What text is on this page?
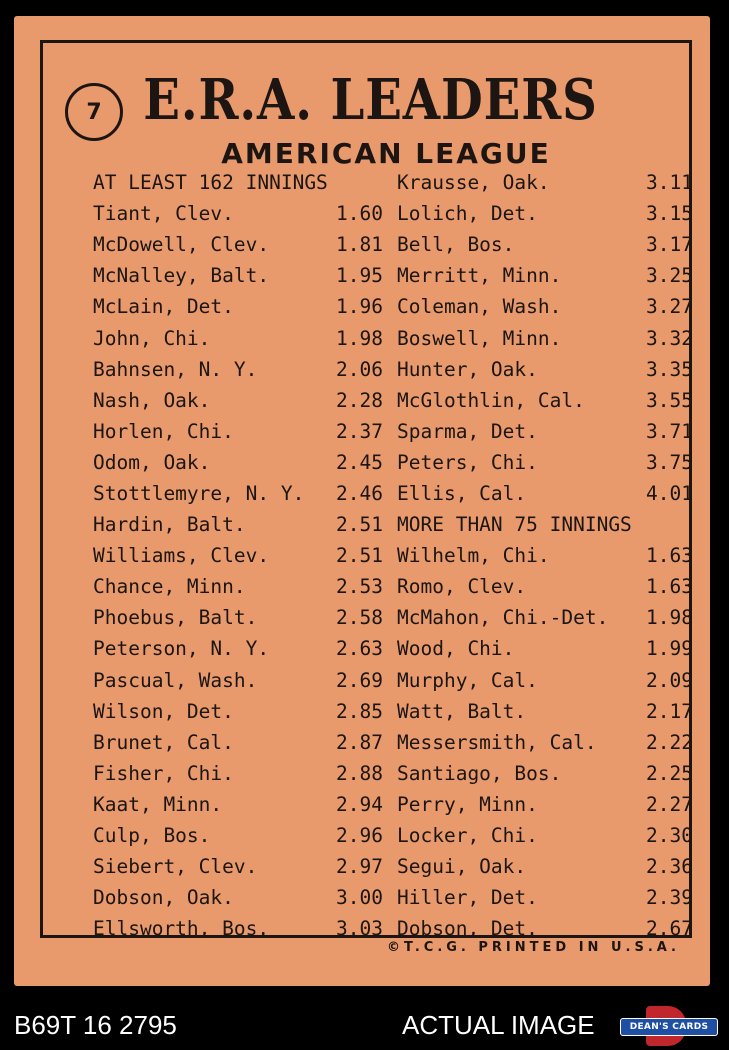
7 E.R.A. LEADERS
AMERICAN LEAGUE
AT LEAST 162 INNINGS
Tiant, Clev.	1.60
McDowell, Clev.	1.81
McNalley, Balt.	1.95
McLain, Det.	1.96
John, Chi.	1.98
Bahnsen, N. Y.	2.06
Nash, Oak.	2.28
Horlen, Chi.	2.37
Odom, Oak.	2.45
Stottlemyre, N. Y. 2.46
Hardin, Balt.	2.51
Williams, Clev.	2.51
Chance, Minn.	2.53
Phoebus, Balt.	2.58
Peterson, N. Y.	2.63
Pascual, Wash.	2.69
Wilson, Det.	2.85
Brunet, Cal.	2.87
Fisher, Chi.	2.88
Kaat, Minn.	2.94
Culp, Bos.	2.96
Siebert, Clev.	2.97
Dobson, Oak.	3.00
Ellsworth, Bos.	3.03
Krausse, Oak.	3.11
Lolich, Det.	3.15
Bell, Bos.	3.17
Merritt, Minn.	3.25
Coleman, Wash.	3.27
Boswell, Minn.	3.32
Hunter, Oak.	3.35
McGlothlin, Cal.	3.55
Sparma, Det.	3.71
Peters, Chi.	3.75
Ellis, Cal.	4.01
MORE THAN 75 INNINGS
Wilhelm, Chi.	1.63
Romo, Clev.	1.63
McMahon, Chi.-Det. 1.98
Wood, Chi.	1.99
Murphy, Cal.	2.09
Watt, Balt.	2.17
Messersmith, Cal.	2.22
Santiago, Bos.	2.25
Perry, Minn.	2.27
Locker, Chi.	2.30
Segui, Oak.	2.36
Hiller, Det.	2.39
Dobson, Det.	2.67
©T.C.G. PRINTED IN U.S.A.
B69T 16 2795	ACTUAL IMAGE	DEAN'S CARDS
